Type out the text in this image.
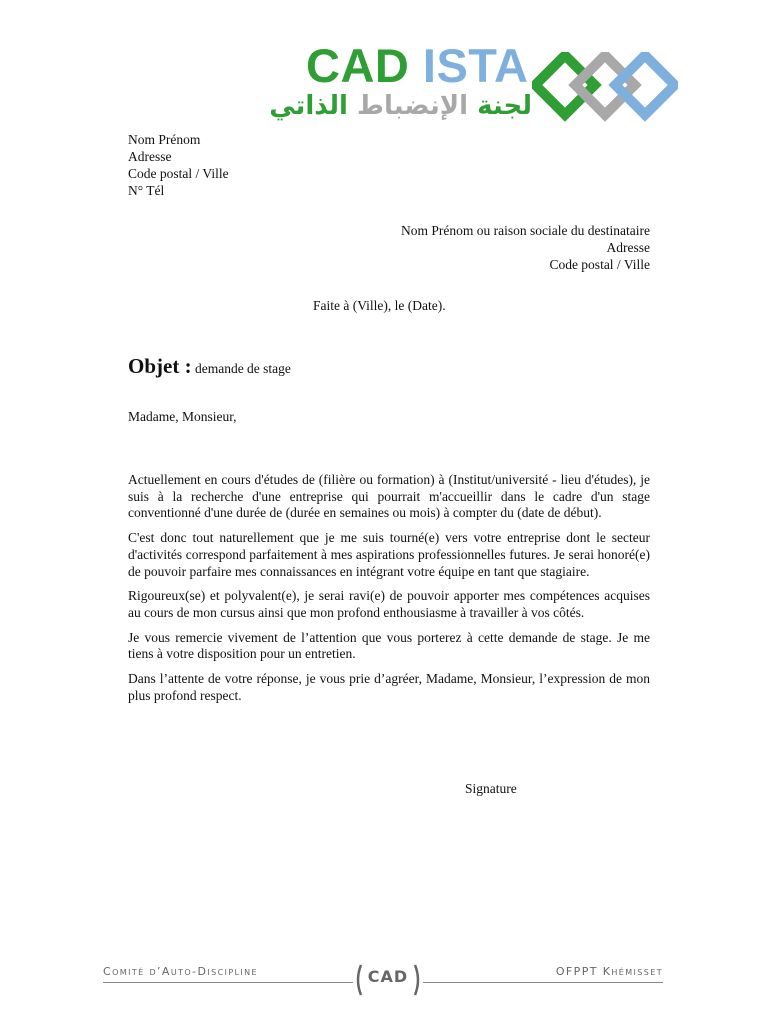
CAD ISTA
لجنة الإنضباط الذاتي
Nom Prénom
Adresse
Code postal / Ville
N° Tél
Nom Prénom ou raison sociale du destinataire
Adresse
Code postal / Ville
Faite à (Ville), le (Date).
Objet : demande de stage
Madame, Monsieur,

Actuellement en cours d'études de (filière ou formation) à (Institut/université - lieu d'études), je suis à la recherche d'une entreprise qui pourrait m'accueillir dans le cadre d'un stage conventionné d'une durée de (durée en semaines ou mois) à compter du (date de début).

C'est donc tout naturellement que je me suis tourné(e) vers votre entreprise dont le secteur d'activités correspond parfaitement à mes aspirations professionnelles futures. Je serai honoré(e) de pouvoir parfaire mes connaissances en intégrant votre équipe en tant que stagiaire.

Rigoureux(se) et polyvalent(e), je serai ravi(e) de pouvoir apporter mes compétences acquises au cours de mon cursus ainsi que mon profond enthousiasme à travailler à vos côtés.

Je vous remercie vivement de l’attention que vous porterez à cette demande de stage. Je me tiens à votre disposition pour un entretien.

Dans l’attente de votre réponse, je vous prie d’agréer, Madame, Monsieur, l’expression de mon plus profond respect.

Signature
Comité d’Auto-Discipline	CAD	OFPPT Khémisset
